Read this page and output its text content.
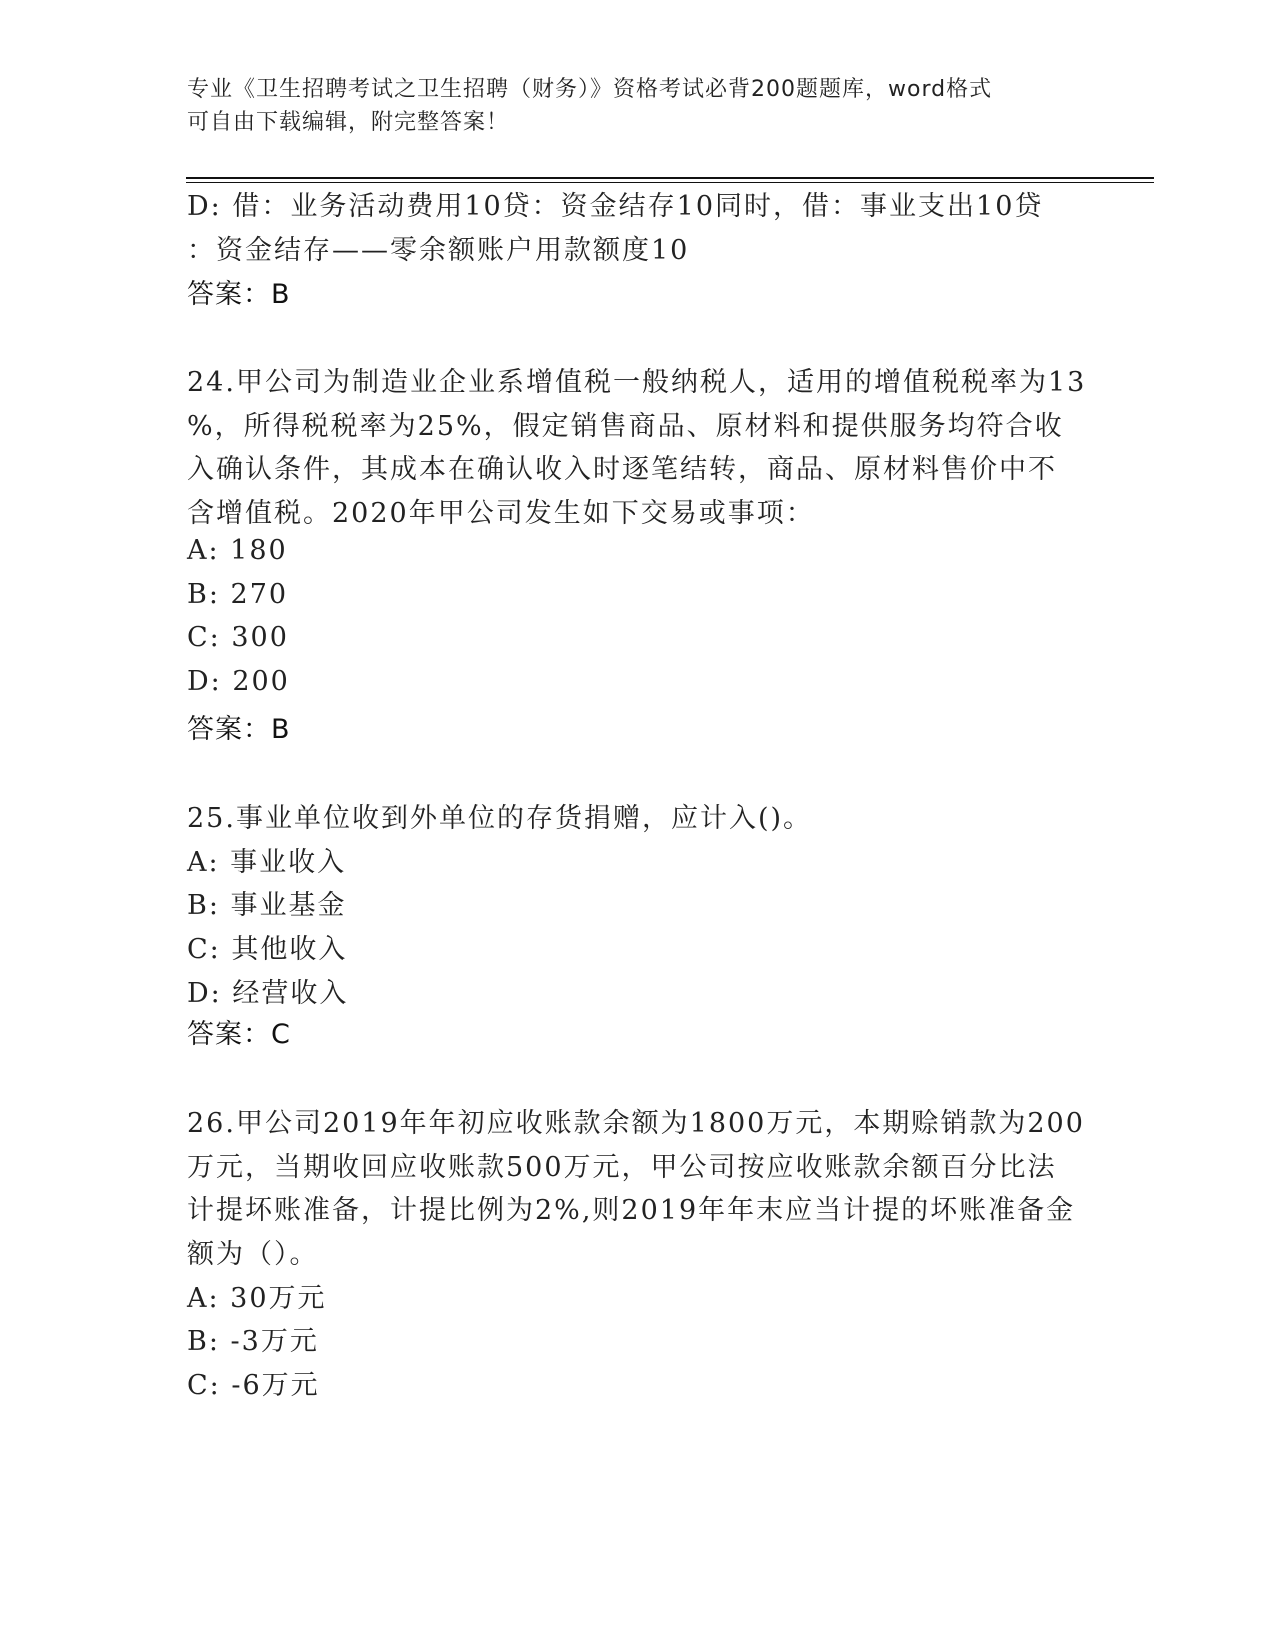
专业《卫生招聘考试之卫生招聘（财务）》资格考试必背200题题库，word格式
可自由下载编辑，附完整答案！
D: 借：业务活动费用10贷：资金结存10同时，借：事业支出10贷
：资金结存——零余额账户用款额度10
答案：B
24.甲公司为制造业企业系增值税一般纳税人，适用的增值税税率为13
%，所得税税率为25%，假定销售商品、原材料和提供服务均符合收
入确认条件，其成本在确认收入时逐笔结转，商品、原材料售价中不
含增值税。2020年甲公司发生如下交易或事项：
A: 180
B: 270
C: 300
D: 200
答案：B
25.事业单位收到外单位的存货捐赠，应计入()。
A: 事业收入
B: 事业基金
C: 其他收入
D: 经营收入
答案：C
26.甲公司2019年年初应收账款余额为1800万元，本期赊销款为200
万元，当期收回应收账款500万元，甲公司按应收账款余额百分比法
计提坏账准备，计提比例为2%,则2019年年末应当计提的坏账准备金
额为（）。
A: 30万元
B: -3万元
C: -6万元
